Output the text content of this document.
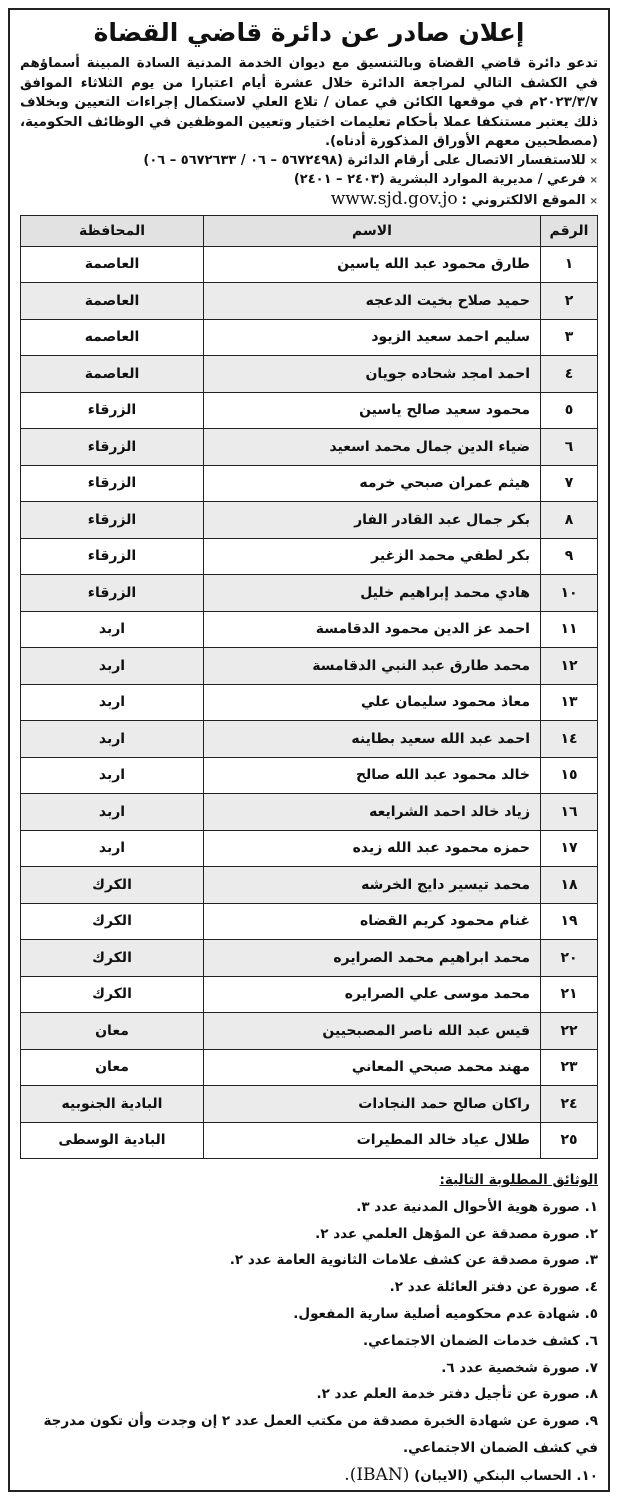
إعلان صادر عن دائرة قاضي القضاة

تدعو دائرة قاضي القضاة وبالتنسيق مع ديوان الخدمة المدنية السادة المبينة أسماؤهم في الكشف التالي لمراجعة الدائرة خلال عشرة أيام اعتبارا من يوم الثلاثاء الموافق ٢٠٢٣/٣/٧م في موقعها الكائن في عمان / تلاع العلي لاستكمال إجراءات التعيين وبخلاف ذلك يعتبر مستنكفا عملا بأحكام تعليمات اختيار وتعيين الموظفين في الوظائف الحكومية، (مصطحبين معهم الأوراق المذكورة أدناه).

×للاستفسار الاتصال على أرقام الدائرة (٥٦٧٢٤٩٨ – ٠٦ / ٥٦٧٢٦٣٣ – ٠٦)

×فرعي / مديرية الموارد البشرية (٢٤٠٣ – ٢٤٠١)

×الموقع الالكتروني :www.sjd.gov.jo

الرقم	الاسم	المحافظة
١	طارق محمود عبد الله ياسين	العاصمة
٢	حميد صلاح بخيت الدعجه	العاصمة
٣	سليم احمد سعيد الزيود	العاصمه
٤	احمد امجد شحاده جويان	العاصمة
٥	محمود سعيد صالح ياسين	الزرقاء
٦	ضياء الدين جمال محمد اسعيد	الزرقاء
٧	هيثم عمران صبحي خرمه	الزرقاء
٨	بكر جمال عبد القادر الفار	الزرقاء
٩	بكر لطفي محمد الزغير	الزرقاء
١٠	هادي محمد إبراهيم خليل	الزرقاء
١١	احمد عز الدين محمود الدقامسة	اربد
١٢	محمد طارق عبد النبي الدقامسة	اربد
١٣	معاذ محمود سليمان علي	اربد
١٤	احمد عبد الله سعيد بطاينه	اربد
١٥	خالد محمود عبد الله صالح	اربد
١٦	زياد خالد احمد الشرايعه	اربد
١٧	حمزه محمود عبد الله زيده	اربد
١٨	محمد تيسير دايج الخرشه	الكرك
١٩	غنام محمود كريم القضاه	الكرك
٢٠	محمد ابراهيم محمد الصرايره	الكرك
٢١	محمد موسى علي الصرايره	الكرك
٢٢	قيس عبد الله ناصر المصبحيين	معان
٢٣	مهند محمد صبحي المعاني	معان
٢٤	راكان صالح حمد النجادات	البادية الجنوبيه
٢٥	طلال عياد خالد المطيرات	البادية الوسطى
الوثائق المطلوبة التالية:
١. صورة هوية الأحوال المدنية عدد ٣.
٢. صورة مصدقة عن المؤهل العلمي عدد ٢.
٣. صورة مصدقة عن كشف علامات الثانوية العامة عدد ٢.
٤. صورة عن دفتر العائلة عدد ٢.
٥. شهادة عدم محكوميه أصلية سارية المفعول.
٦. كشف خدمات الضمان الاجتماعي.
٧. صورة شخصية عدد ٦.
٨. صورة عن تأجيل دفتر خدمة العلم عدد ٢.
٩. صورة عن شهادة الخبرة مصدقة من مكتب العمل عدد ٢ إن وجدت وأن تكون مدرجة في كشف الضمان الاجتماعي.
١٠. الحساب البنكي (الايبان) (IBAN).
